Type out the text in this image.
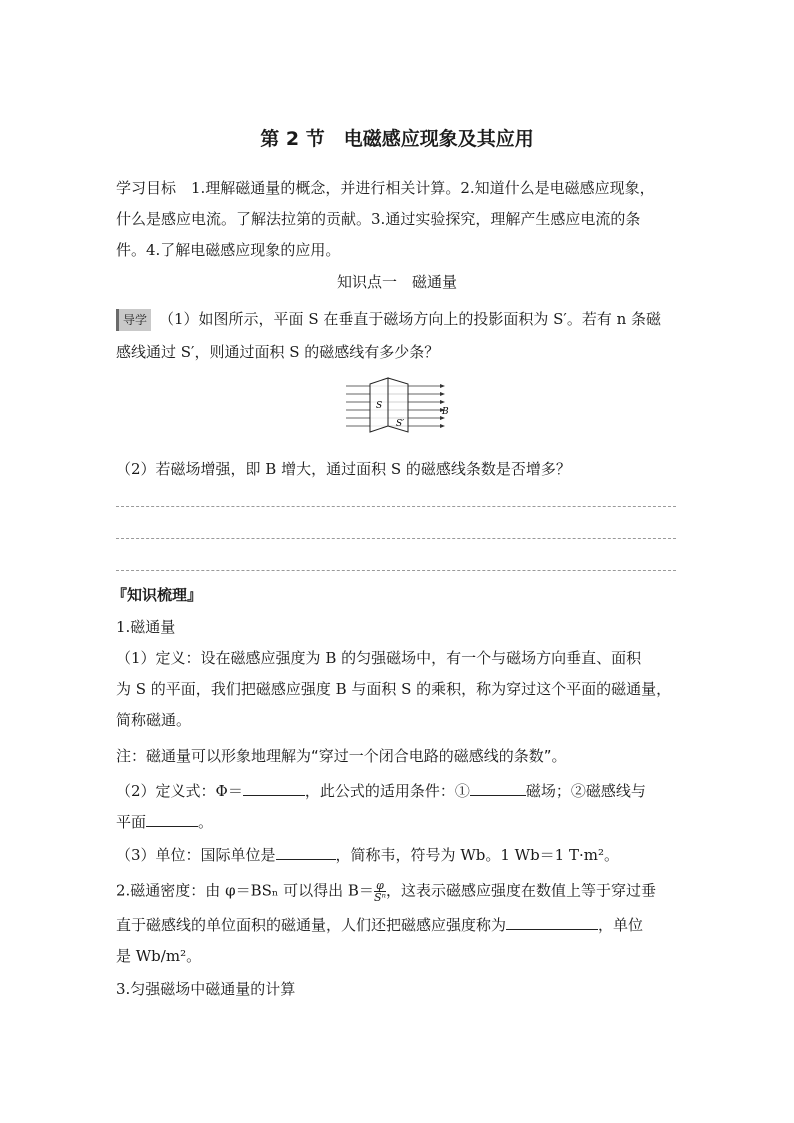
第 2 节　电磁感应现象及其应用
学习目标　1.理解磁通量的概念，并进行相关计算。2.知道什么是电磁感应现象，
什么是感应电流。了解法拉第的贡献。3.通过实验探究，理解产生感应电流的条
件。4.了解电磁感应现象的应用。
知识点一　磁通量
导学 （1）如图所示，平面 S 在垂直于磁场方向上的投影面积为 S′。若有 n 条磁
感线通过 S′，则通过面积 S 的磁感线有多少条？
S
S′
B
（2）若磁场增强，即 B 增大，通过面积 S 的磁感线条数是否增多？
『知识梳理』
1.磁通量
（1）定义：设在磁感应强度为 B 的匀强磁场中，有一个与磁场方向垂直、面积
为 S 的平面，我们把磁感应强度 B 与面积 S 的乘积，称为穿过这个平面的磁通量，
简称磁通。
注：磁通量可以形象地理解为“穿过一个闭合电路的磁感线的条数”。
（2）定义式：Φ＝	，此公式的适用条件：①	磁场；②磁感线与
平面	。
（3）单位：国际单位是	，简称韦，符号为 Wb。1 Wb＝1 T·m²。
2.磁通密度：由 φ＝BSₙ 可以得出 $B= \frac{\varphi}{\text{Sⁿ}}$ ，这表示磁感应强度在数值上等于穿过垂
直于磁感线的单位面积的磁通量，人们还把磁感应强度称为	，单位
是 Wb/m²。
3.匀强磁场中磁通量的计算
